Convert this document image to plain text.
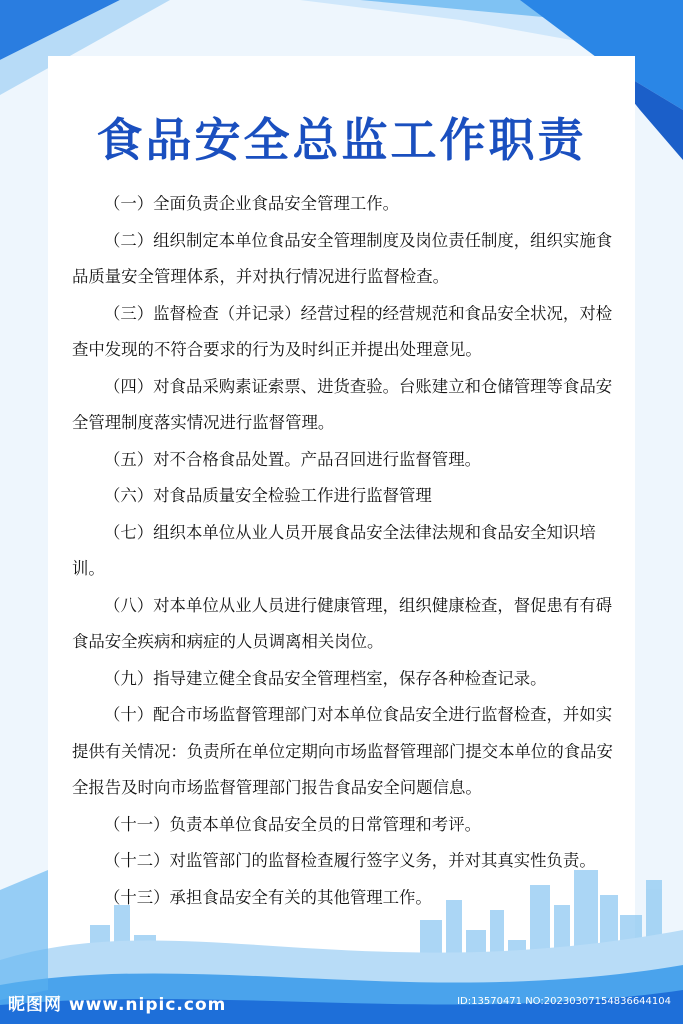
食品安全总监工作职责

（一）全面负责企业食品安全管理工作。

（二）组织制定本单位食品安全管理制度及岗位责任制度，组织实施食品质量安全管理体系，并对执行情况进行监督检查。

（三）监督检查（并记录）经营过程的经营规范和食品安全状况，对检查中发现的不符合要求的行为及时纠正并提出处理意见。

（四）对食品采购素证索票、进货查验。台账建立和仓储管理等食品安全管理制度落实情况进行监督管理。

（五）对不合格食品处置。产品召回进行监督管理。

（六）对食品质量安全检验工作进行监督管理

（七）组织本单位从业人员开展食品安全法律法规和食品安全知识培训。

（八）对本单位从业人员进行健康管理，组织健康检查，督促患有有碍食品安全疾病和病症的人员调离相关岗位。

（九）指导建立健全食品安全管理档室，保存各种检查记录。

（十）配合市场监督管理部门对本单位食品安全进行监督检查，并如实提供有关情况：负责所在单位定期向市场监督管理部门提交本单位的食品安全报告及时向市场监督管理部门报告食品安全问题信息。

（十一）负责本单位食品安全员的日常管理和考评。

（十二）对监管部门的监督检查履行签字义务，并对其真实性负责。

（十三）承担食品安全有关的其他管理工作。

昵图网 www.nipic.com	ID:13570471 NO:20230307154836644104
